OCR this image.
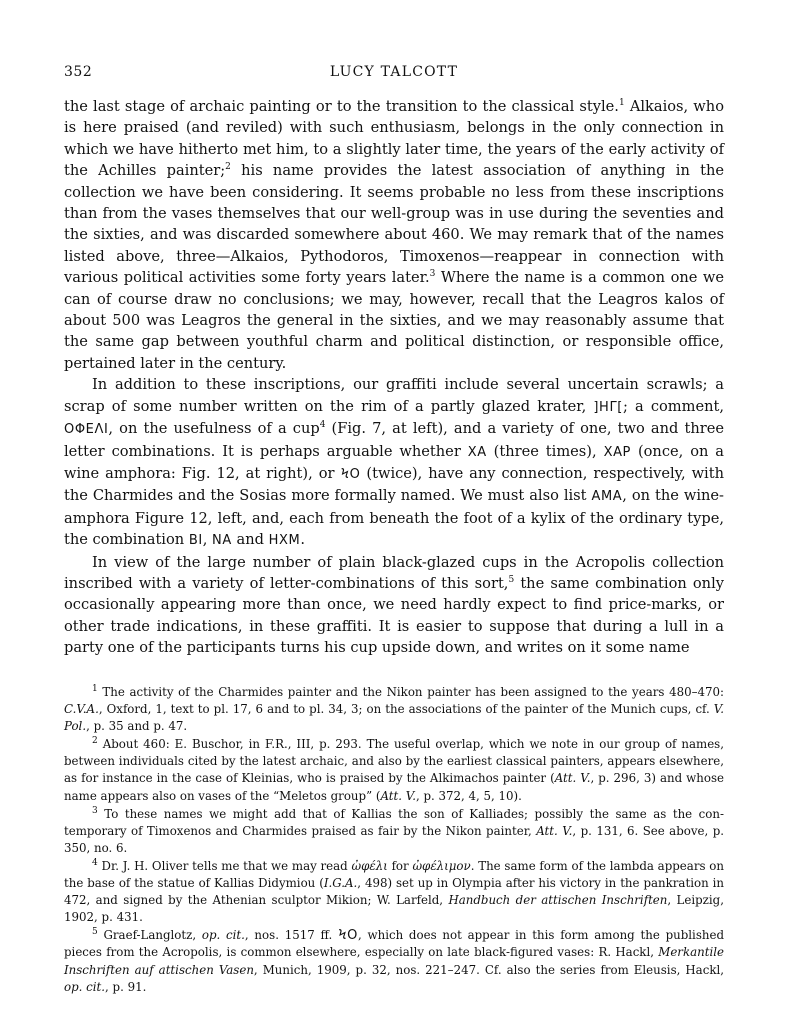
352	LUCY TALCOTT

the last stage of archaic painting or to the transition to the classical style.$^1$ Alkaios, who is here praised (and reviled) with such enthusiasm, belongs in the only connection in which we have hitherto met him, to a slightly later time, the years of the early activity of the Achilles painter;$^2$ his name provides the latest association of anything in the collection we have been considering. It seems probable no less from these inscriptions than from the vases themselves that our well-group was in use during the seventies and the sixties, and was discarded somewhere about 460. We may remark that of the names listed above, three—Alkaios, Pythodoros, Timoxenos—reappear in connection with various political activities some forty years later.$^3$ Where the name is a common one we can of course draw no conclusions; we may, however, recall that the Leagros kalos of about 500 was Leagros the general in the sixties, and we may reasonably assume that the same gap between youthful charm and political distinction, or responsible office, pertained later in the century.

In addition to these inscriptions, our graffiti include several uncertain scrawls; a scrap of some number written on the rim of a partly glazed krater, ]HΓ[; a comment, OΦEΛΙ, on the usefulness of a cup$^4$ (Fig. 7, at left), and a variety of one, two and three letter combinations. It is perhaps arguable whether XA (three times), XAP (once, on a wine amphora: Fig. 12, at right), or ϞO (twice), have any connection, respectively, with the Charmides and the Sosias more formally named. We must also list AMA, on the wine-amphora Figure 12, left, and, each from beneath the foot of a kylix of the ordinary type, the combination BI, NA and HXM.

In view of the large number of plain black-glazed cups in the Acropolis collection inscribed with a variety of letter-combinations of this sort,$^5$ the same combination only occasionally appearing more than once, we need hardly expect to find price-marks, or other trade indications, in these graffiti. It is easier to suppose that during a lull in a party one of the participants turns his cup upside down, and writes on it some name

$^1$ The activity of the Charmides painter and the Nikon painter has been assigned to the years 480–470: C.V.A., Oxford, 1, text to pl. 17, 6 and to pl. 34, 3; on the associations of the painter of the Munich cups, cf. V. Pol., p. 35 and p. 47.

$^2$ About 460: E. Buschor, in F.R., III, p. 293. The useful overlap, which we note in our group of names, between individuals cited by the latest archaic, and also by the earliest classical painters, appears elsewhere, as for instance in the case of Kleinias, who is praised by the Alkimachos painter (Att. V., p. 296, 3) and whose name appears also on vases of the “Meletos group” (Att. V., p. 372, 4, 5, 10).

$^3$ To these names we might add that of Kallias the son of Kalliades; possibly the same as the contemporary of Timoxenos and Charmides praised as fair by the Nikon painter, Att. V., p. 131, 6. See above, p. 350, no. 6.

$^4$ Dr. J. H. Oliver tells me that we may read ὠφέλι for ὠφέλιμον. The same form of the lambda appears on the base of the statue of Kallias Didymiou (I.G.A., 498) set up in Olympia after his victory in the pankration in 472, and signed by the Athenian sculptor Mikion; W. Larfeld, Handbuch der attischen Inschriften, Leipzig, 1902, p. 431.

$^5$ Graef-Langlotz, op. cit., nos. 1517 ff. ϞO, which does not appear in this form among the published pieces from the Acropolis, is common elsewhere, especially on late black-figured vases: R. Hackl, Merkantile Inschriften auf attischen Vasen, Munich, 1909, p. 32, nos. 221–247. Cf. also the series from Eleusis, Hackl, op. cit., p. 91.
